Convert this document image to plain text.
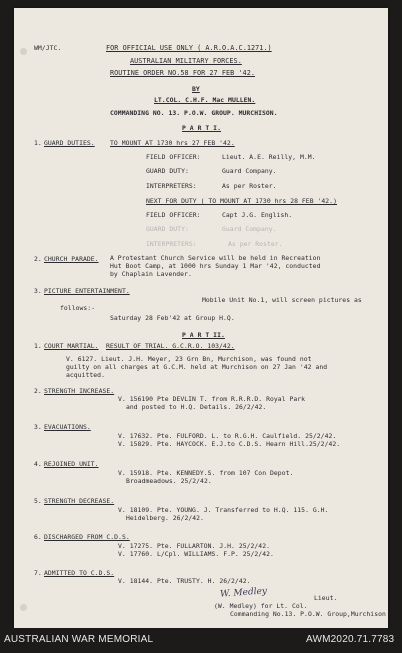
WM/JTC.	FOR OFFICIAL USE ONLY ( A.R.O.A.C.1271.)
AUSTRALIAN MILITARY FORCES.
ROUTINE ORDER NO.58 FOR 27 FEB '42.
BY
LT.COL. C.H.F. Mac MULLEN.
COMMANDING NO. 13. P.O.W. GROUP. MURCHISON.
P A R T I.
1. GUARD DUTIES. TO MOUNT AT 1730 hrs 27 FEB '42.
FIELD OFFICER:	Lieut. A.E. Reilly, M.M.
GUARD DUTY:	Guard Company.
INTERPRETERS:	As per Roster.
NEXT FOR DUTY ( TO MOUNT AT 1730 hrs 28 FEB '42.)
FIELD OFFICER:	Capt J.G. English.
GUARD DUTY:	Guard Company.
INTERPRETERS:	As per Roster.
2. CHURCH PARADE. A Protestant Church Service will be held in Recreation
Hut Boot Camp, at 1000 hrs Sunday 1 Mar '42, conducted
by Chaplain Lavender.
3. PICTURE ENTERTAINMENT.
Mobile Unit No.1, will screen pictures as
follows:-
Saturday 28 Feb'42 at Group H.Q.
P A R T II.
1. COURT MARTIAL. RESULT OF TRIAL. G.C.R.O. 103/42.
V. 6127. Lieut. J.H. Meyer, 23 Grn Bn, Murchison, was found not
guilty on all charges at G.C.M. held at Murchison on 27 Jan '42 and
acquitted.
2. STRENGTH INCREASE.
V. 156190 Pte DEVLIN T. from R.R.R.D. Royal Park
and posted to H.Q. Details. 26/2/42.
3. EVACUATIONS.
V. 17632. Pte. FULFORD. L. to R.G.H. Caulfield. 25/2/42.
V. 15829. Pte. HAYCOCK. E.J.to C.D.S. Hearn Hill.25/2/42.
4. REJOINED UNIT.
V. 15918. Pte. KENNEDY.S. from 107 Con Depot.
Broadmeadows. 25/2/42.
5. STRENGTH DECREASE.
V. 18109. Pte. YOUNG. J. Transferred to H.Q. 115. G.H.
Heidelberg. 26/2/42.
6. DISCHARGED FROM C.D.S.
V. 17275. Pte. FULLARTON. J.H. 25/2/42.
V. 17760. L/Cpl. WILLIAMS. F.P. 25/2/42.
7. ADMITTED TO C.D.S.
V. 18144. Pte. TRUSTY. H. 26/2/42.
W. Medley	Lieut.
(W. Medley) for Lt. Col.
Commanding No.13. P.O.W. Group,Murchison
AUSTRALIAN WAR MEMORIAL	AWM2020.71.7783
